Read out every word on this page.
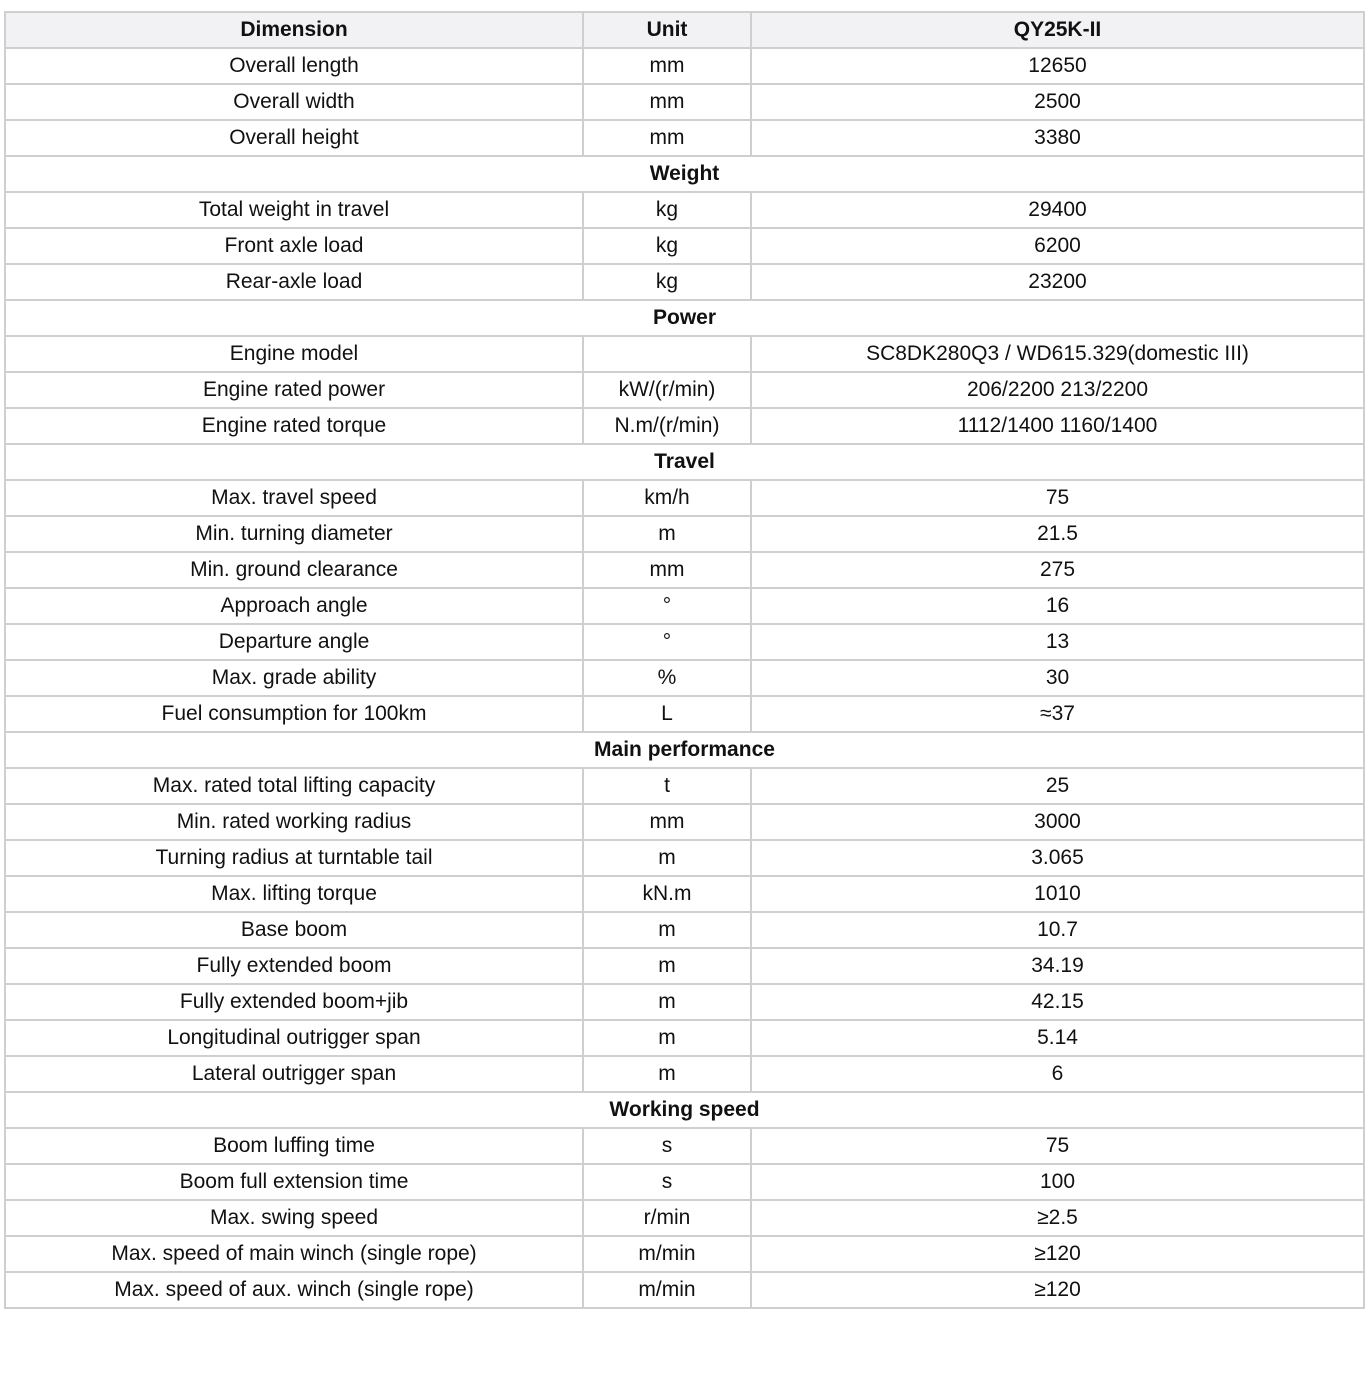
Dimension	Unit	QY25K-II
Overall length	mm	12650
Overall width	mm	2500
Overall height	mm	3380
Weight		
Total weight in travel	kg	29400
Front axle load	kg	6200
Rear-axle load	kg	23200
Power		
Engine model		SC8DK280Q3 / WD615.329(domestic III)
Engine rated power	kW/(r/min)	206/2200 213/2200
Engine rated torque	N.m/(r/min)	1112/1400 1160/1400
Travel		
Max. travel speed	km/h	75
Min. turning diameter	m	21.5
Min. ground clearance	mm	275
Approach angle	°	16
Departure angle	°	13
Max. grade ability	%	30
Fuel consumption for 100km	L	≈37
Main performance		
Max. rated total lifting capacity	t	25
Min. rated working radius	mm	3000
Turning radius at turntable tail	m	3.065
Max. lifting torque	kN.m	1010
Base boom	m	10.7
Fully extended boom	m	34.19
Fully extended boom+jib	m	42.15
Longitudinal outrigger span	m	5.14
Lateral outrigger span	m	6
Working speed		
Boom luffing time	s	75
Boom full extension time	s	100
Max. swing speed	r/min	≥2.5
Max. speed of main winch (single rope)	m/min	≥120
Max. speed of aux. winch (single rope)	m/min	≥120
